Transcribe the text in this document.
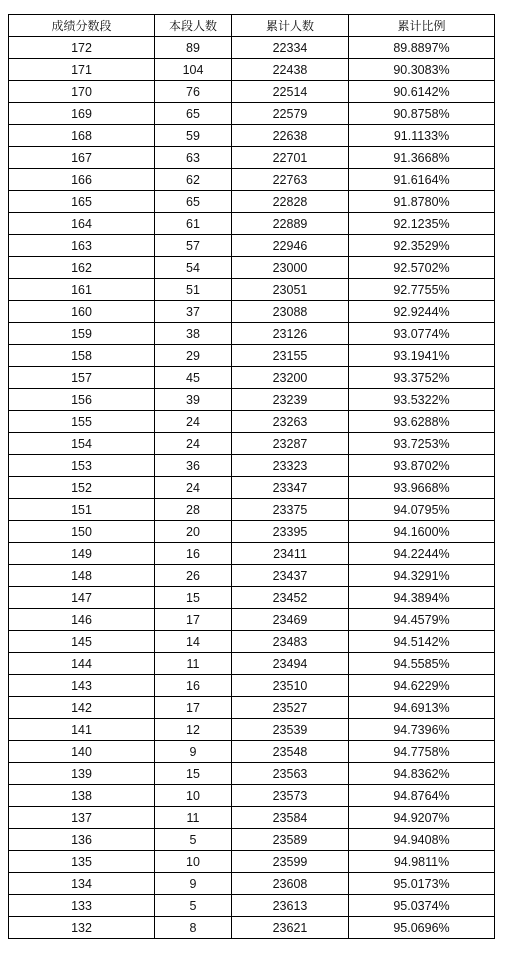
成绩分数段	本段人数	累计人数	累计比例
172	89	22334	89.8897%
171	104	22438	90.3083%
170	76	22514	90.6142%
169	65	22579	90.8758%
168	59	22638	91.1133%
167	63	22701	91.3668%
166	62	22763	91.6164%
165	65	22828	91.8780%
164	61	22889	92.1235%
163	57	22946	92.3529%
162	54	23000	92.5702%
161	51	23051	92.7755%
160	37	23088	92.9244%
159	38	23126	93.0774%
158	29	23155	93.1941%
157	45	23200	93.3752%
156	39	23239	93.5322%
155	24	23263	93.6288%
154	24	23287	93.7253%
153	36	23323	93.8702%
152	24	23347	93.9668%
151	28	23375	94.0795%
150	20	23395	94.1600%
149	16	23411	94.2244%
148	26	23437	94.3291%
147	15	23452	94.3894%
146	17	23469	94.4579%
145	14	23483	94.5142%
144	11	23494	94.5585%
143	16	23510	94.6229%
142	17	23527	94.6913%
141	12	23539	94.7396%
140	9	23548	94.7758%
139	15	23563	94.8362%
138	10	23573	94.8764%
137	11	23584	94.9207%
136	5	23589	94.9408%
135	10	23599	94.9811%
134	9	23608	95.0173%
133	5	23613	95.0374%
132	8	23621	95.0696%
